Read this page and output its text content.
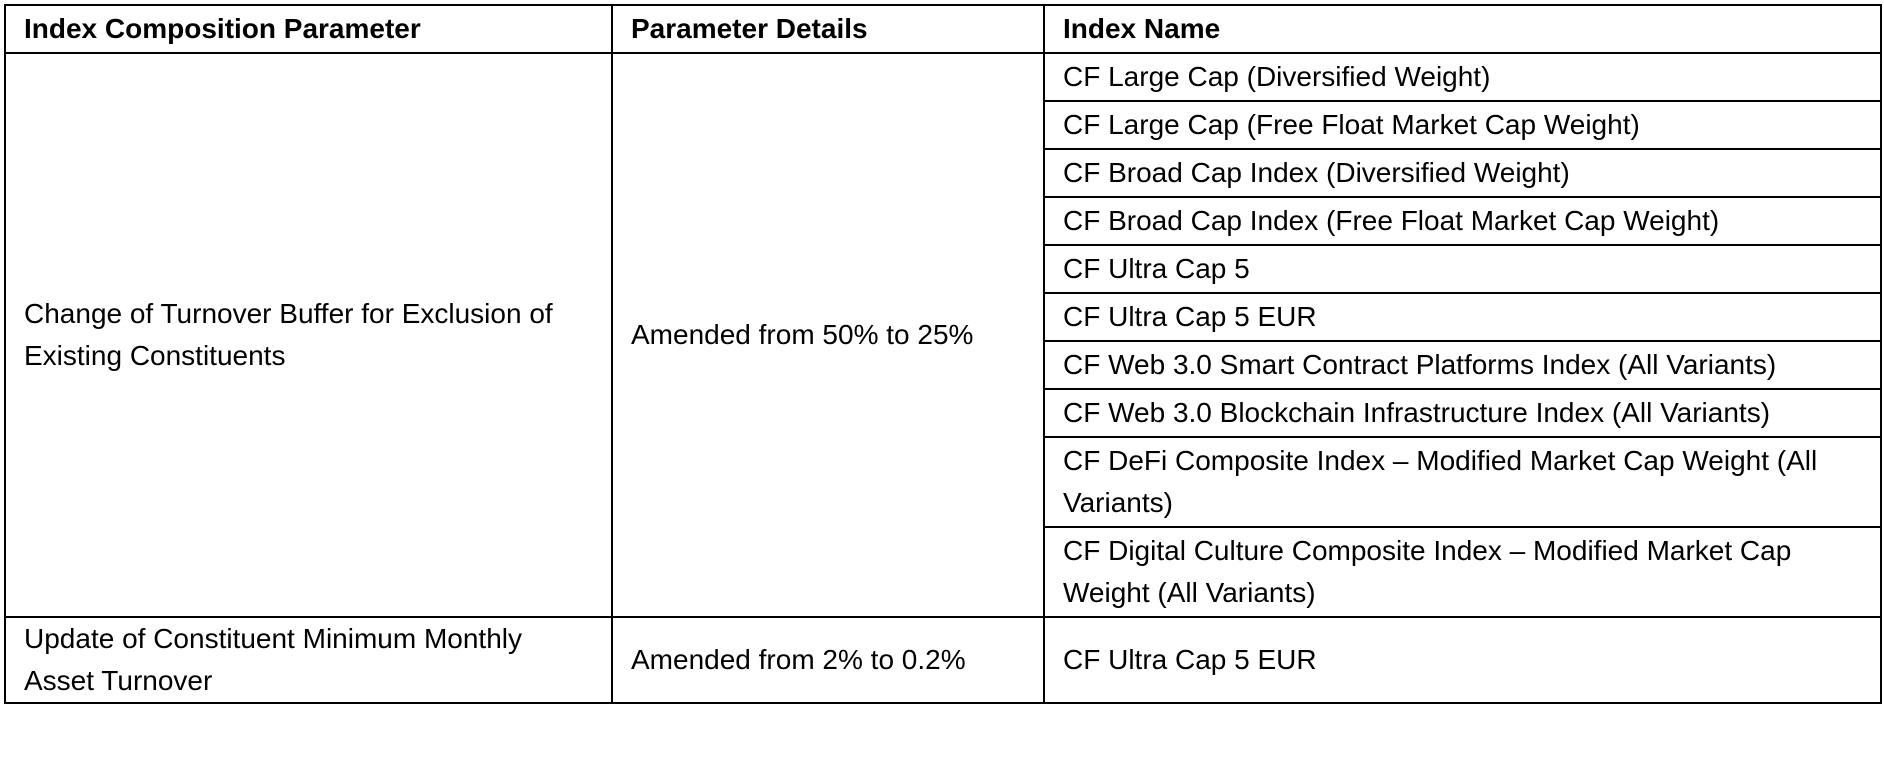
Index Composition Parameter	Parameter Details	Index Name
Change of Turnover Buffer for Exclusion of Existing Constituents	Amended from 50% to 25%	CF Large Cap (Diversified Weight)
		CF Large Cap (Free Float Market Cap Weight)
		CF Broad Cap Index (Diversified Weight)
		CF Broad Cap Index (Free Float Market Cap Weight)
		CF Ultra Cap 5
		CF Ultra Cap 5 EUR
		CF Web 3.0 Smart Contract Platforms Index (All Variants)
		CF Web 3.0 Blockchain Infrastructure Index (All Variants)
		CF DeFi Composite Index – Modified Market Cap Weight (All Variants)
		CF Digital Culture Composite Index – Modified Market Cap Weight (All Variants)
Update of Constituent Minimum Monthly Asset Turnover	Amended from 2% to 0.2%	CF Ultra Cap 5 EUR
